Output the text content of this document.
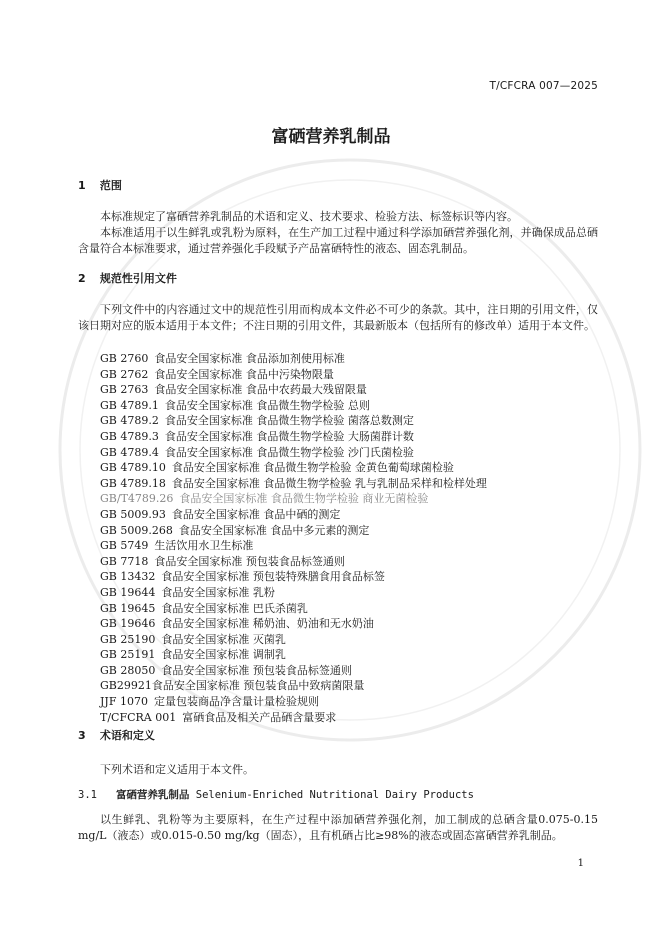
T/CFCRA 007—2025
富硒营养乳制品
1 范围
本标准规定了富硒营养乳制品的术语和定义、技术要求、检验方法、标签标识等内容。
本标准适用于以生鲜乳或乳粉为原料，在生产加工过程中通过科学添加硒营养强化剂，并确保成品总硒含量符合本标准要求，通过营养强化手段赋予产品富硒特性的液态、固态乳制品。
2 规范性引用文件
下列文件中的内容通过文中的规范性引用而构成本文件必不可少的条款。其中，注日期的引用文件，仅该日期对应的版本适用于本文件；不注日期的引用文件，其最新版本（包括所有的修改单）适用于本文件。
GB 2760 食品安全国家标准 食品添加剂使用标准
GB 2762 食品安全国家标准 食品中污染物限量
GB 2763 食品安全国家标准 食品中农药最大残留限量
GB 4789.1 食品安全国家标准 食品微生物学检验 总则
GB 4789.2 食品安全国家标准 食品微生物学检验 菌落总数测定
GB 4789.3 食品安全国家标准 食品微生物学检验 大肠菌群计数
GB 4789.4 食品安全国家标准 食品微生物学检验 沙门氏菌检验
GB 4789.10 食品安全国家标准 食品微生物学检验 金黄色葡萄球菌检验
GB 4789.18 食品安全国家标准 食品微生物学检验 乳与乳制品采样和检样处理
GB/T4789.26 食品安全国家标准 食品微生物学检验 商业无菌检验
GB 5009.93 食品安全国家标准 食品中硒的测定
GB 5009.268 食品安全国家标准 食品中多元素的测定
GB 5749 生活饮用水卫生标准
GB 7718 食品安全国家标准 预包装食品标签通则
GB 13432 食品安全国家标准 预包装特殊膳食用食品标签
GB 19644 食品安全国家标准 乳粉
GB 19645 食品安全国家标准 巴氏杀菌乳
GB 19646 食品安全国家标准 稀奶油、奶油和无水奶油
GB 25190 食品安全国家标准 灭菌乳
GB 25191 食品安全国家标准 调制乳
GB 28050 食品安全国家标准 预包装食品标签通则
GB29921食品安全国家标准 预包装食品中致病菌限量
JJF 1070 定量包装商品净含量计量检验规则
T/CFCRA 001 富硒食品及相关产品硒含量要求
3 术语和定义
下列术语和定义适用于本文件。
3.1 富硒营养乳制品 Selenium-Enriched Nutritional Dairy Products
以生鲜乳、乳粉等为主要原料，在生产过程中添加硒营养强化剂，加工制成的总硒含量0.075-0.15 mg/L（液态）或0.015-0.50 mg/kg（固态），且有机硒占比≥98%的液态或固态富硒营养乳制品。
1
